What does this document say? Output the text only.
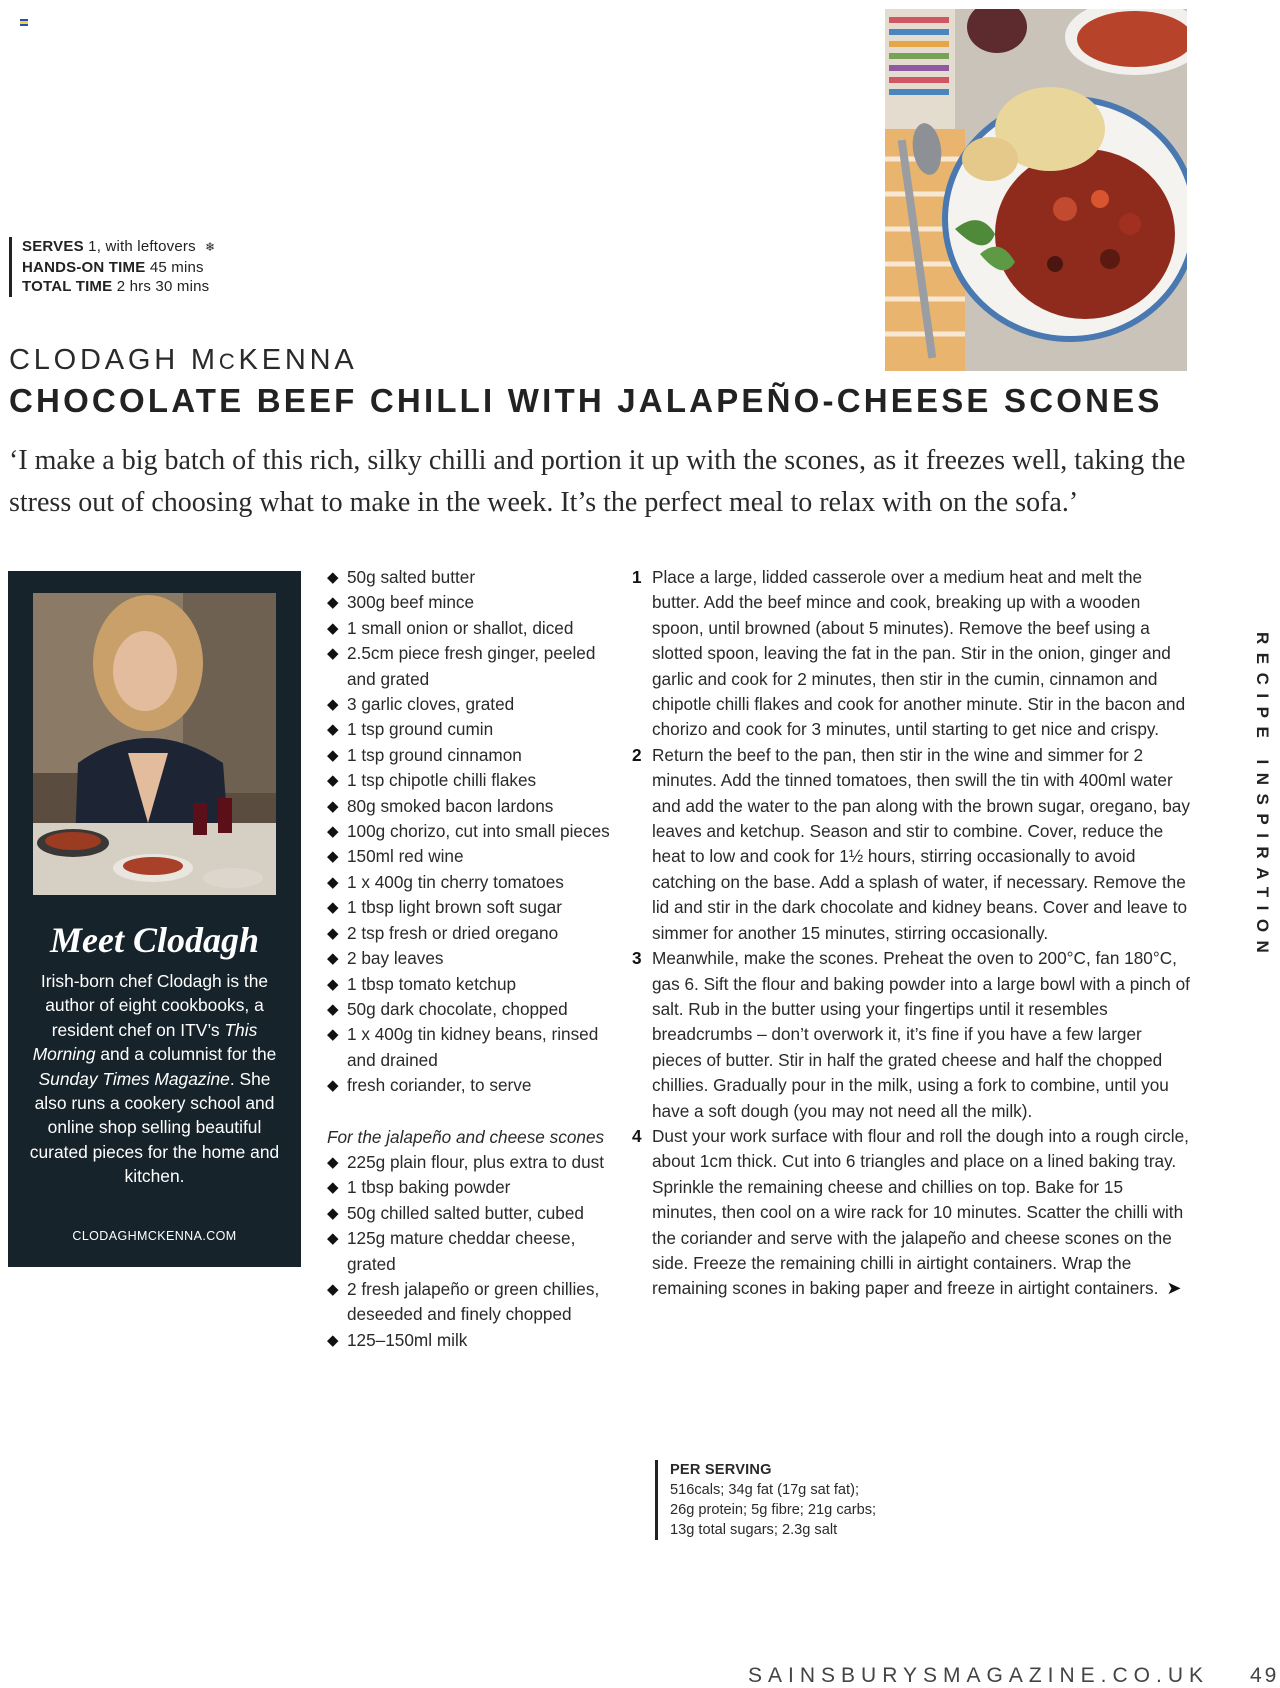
SERVES 1, with leftovers ❄
HANDS-ON TIME 45 mins
TOTAL TIME 2 hrs 30 mins
CLODAGH MCKENNA
CHOCOLATE BEEF CHILLI WITH JALAPEÑO-CHEESE SCONES

‘I make a big batch of this rich, silky chilli and portion it up with the scones, as it freezes well, taking the stress out of choosing what to make in the week. It’s the perfect meal to relax with on the sofa.’

Meet Clodagh

Irish-born chef Clodagh is the author of eight cookbooks, a resident chef on ITV’s This Morning and a columnist for the Sunday Times Magazine. She also runs a cookery school and online shop selling beautiful curated pieces for the home and kitchen.

CLODAGHMCKENNA.COM

◆ 50g salted butter
◆ 300g beef mince
◆ 1 small onion or shallot, diced
◆ 2.5cm piece fresh ginger, peeled and grated
◆ 3 garlic cloves, grated
◆ 1 tsp ground cumin
◆ 1 tsp ground cinnamon
◆ 1 tsp chipotle chilli flakes
◆ 80g smoked bacon lardons
◆ 100g chorizo, cut into small pieces
◆ 150ml red wine
◆ 1 x 400g tin cherry tomatoes
◆ 1 tbsp light brown soft sugar
◆ 2 tsp fresh or dried oregano
◆ 2 bay leaves
◆ 1 tbsp tomato ketchup
◆ 50g dark chocolate, chopped
◆ 1 x 400g tin kidney beans, rinsed and drained
◆ fresh coriander, to serve

For the jalapeño and cheese scones

◆ 225g plain flour, plus extra to dust
◆ 1 tbsp baking powder
◆ 50g chilled salted butter, cubed
◆ 125g mature cheddar cheese, grated
◆ 2 fresh jalapeño or green chillies, deseeded and finely chopped
◆ 125–150ml milk
1 Place a large, lidded casserole over a medium heat and melt the butter. Add the beef mince and cook, breaking up with a wooden spoon, until browned (about 5 minutes). Remove the beef using a slotted spoon, leaving the fat in the pan. Stir in the onion, ginger and garlic and cook for 2 minutes, then stir in the cumin, cinnamon and chipotle chilli flakes and cook for another minute. Stir in the bacon and chorizo and cook for 3 minutes, until starting to get nice and crispy.
2 Return the beef to the pan, then stir in the wine and simmer for 2 minutes. Add the tinned tomatoes, then swill the tin with 400ml water and add the water to the pan along with the brown sugar, oregano, bay leaves and ketchup. Season and stir to combine. Cover, reduce the heat to low and cook for 1½ hours, stirring occasionally to avoid catching on the base. Add a splash of water, if necessary. Remove the lid and stir in the dark chocolate and kidney beans. Cover and leave to simmer for another 15 minutes, stirring occasionally.
3 Meanwhile, make the scones. Preheat the oven to 200°C, fan 180°C, gas 6. Sift the flour and baking powder into a large bowl with a pinch of salt. Rub in the butter using your fingertips until it resembles breadcrumbs – don’t overwork it, it’s fine if you have a few larger pieces of butter. Stir in half the grated cheese and half the chopped chillies. Gradually pour in the milk, using a fork to combine, until you have a soft dough (you may not need all the milk).
4 Dust your work surface with flour and roll the dough into a rough circle, about 1cm thick. Cut into 6 triangles and place on a lined baking tray. Sprinkle the remaining cheese and chillies on top. Bake for 15 minutes, then cool on a wire rack for 10 minutes. Scatter the chilli with the coriander and serve with the jalapeño and cheese scones on the side. Freeze the remaining chilli in airtight containers. Wrap the remaining scones in baking paper and freeze in airtight containers. ➤
PER SERVING
516cals; 34g fat (17g sat fat);
26g protein; 5g fibre; 21g carbs;
13g total sugars; 2.3g salt
RECIPE INSPIRATION
SAINSBURYSMAGAZINE.CO.UK 49
